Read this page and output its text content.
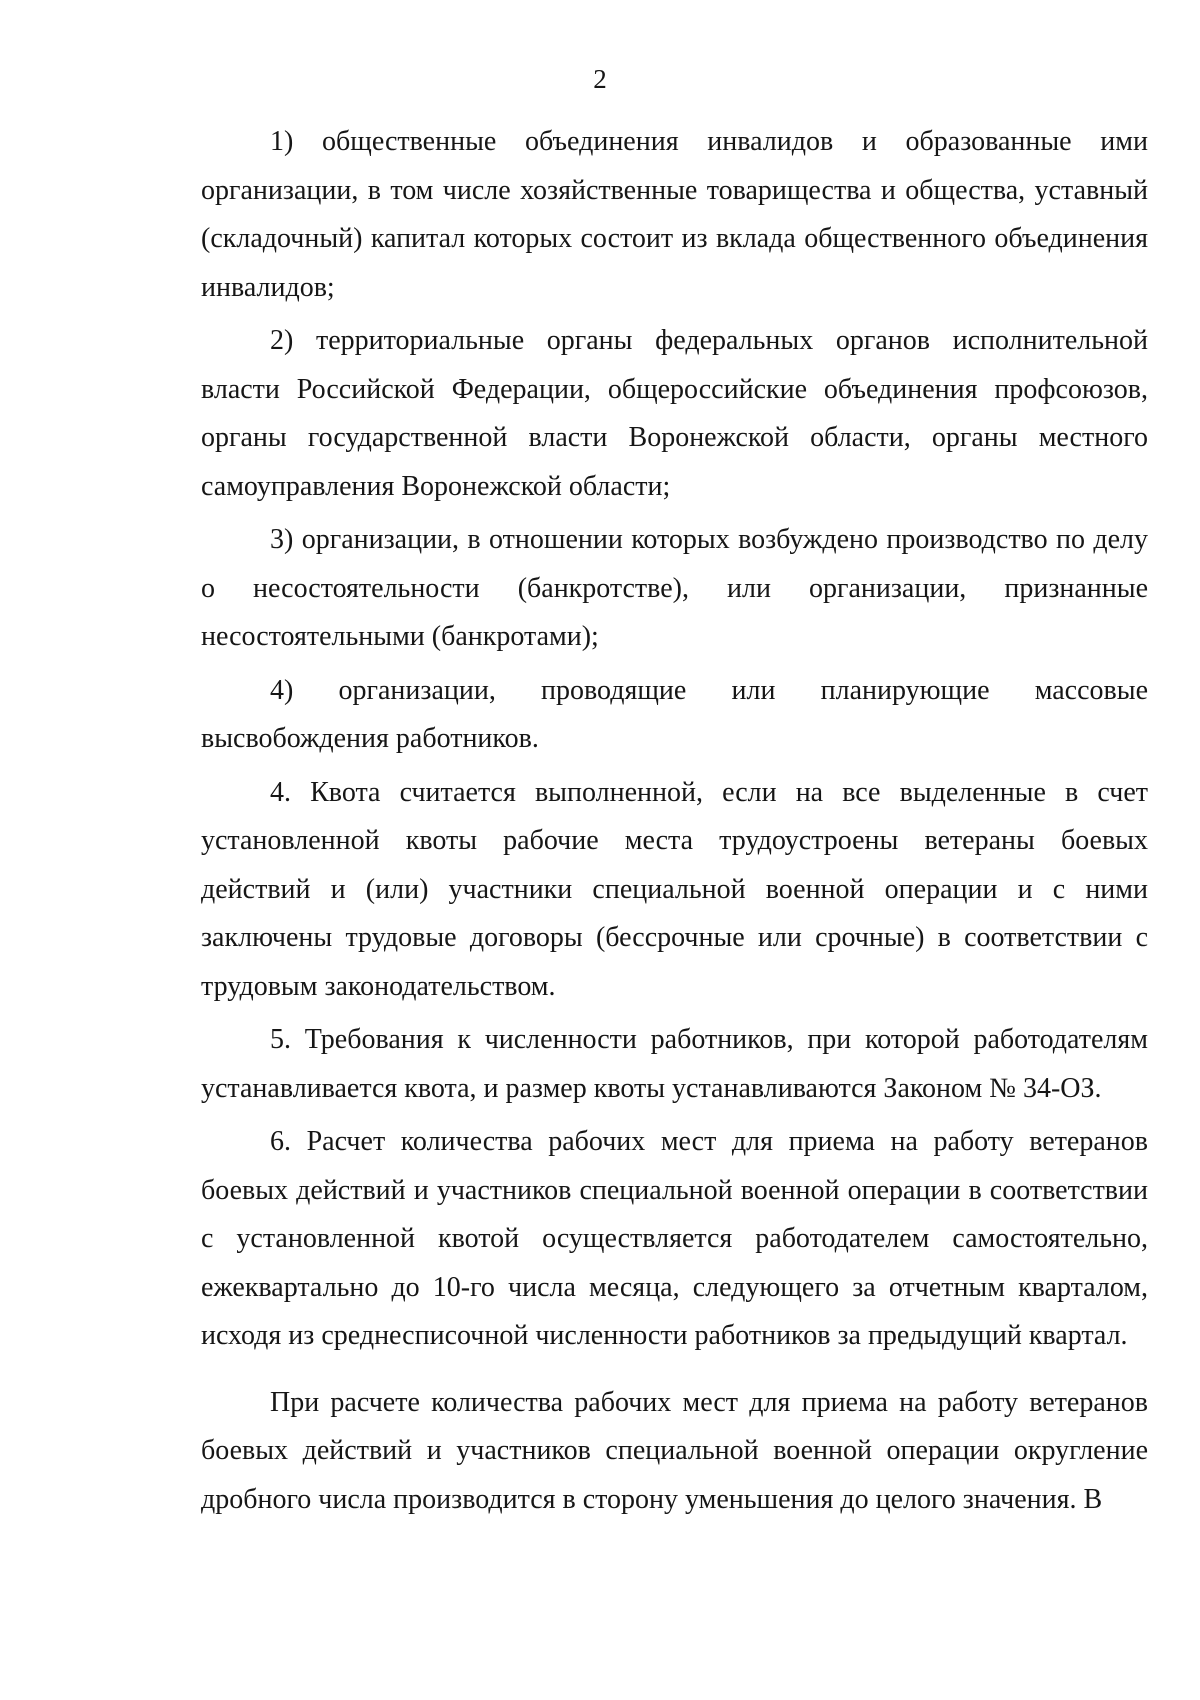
2

1) общественные объединения инвалидов и образованные ими организации, в том числе хозяйственные товарищества и общества, уставный (складочный) капитал которых состоит из вклада общественного объединения инвалидов;

2) территориальные органы федеральных органов исполнительной власти Российской Федерации, общероссийские объединения профсоюзов, органы государственной власти Воронежской области, органы местного самоуправления Воронежской области;

3) организации, в отношении которых возбуждено производство по делу о несостоятельности (банкротстве), или организации, признанные несостоятельными (банкротами);

4) организации, проводящие или планирующие массовые высвобождения работников.

4. Квота считается выполненной, если на все выделенные в счет установленной квоты рабочие места трудоустроены ветераны боевых действий и (или) участники специальной военной операции и с ними заключены трудовые договоры (бессрочные или срочные) в соответствии с трудовым законодательством.

5. Требования к численности работников, при которой работодателям устанавливается квота, и размер квоты устанавливаются Законом № 34-ОЗ.

6. Расчет количества рабочих мест для приема на работу ветеранов боевых действий и участников специальной военной операции в соответствии с установленной квотой осуществляется работодателем самостоятельно, ежеквартально до 10-го числа месяца, следующего за отчетным кварталом, исходя из среднесписочной численности работников за предыдущий квартал.

При расчете количества рабочих мест для приема на работу ветеранов боевых действий и участников специальной военной операции округление дробного числа производится в сторону уменьшения до целого значения. В
